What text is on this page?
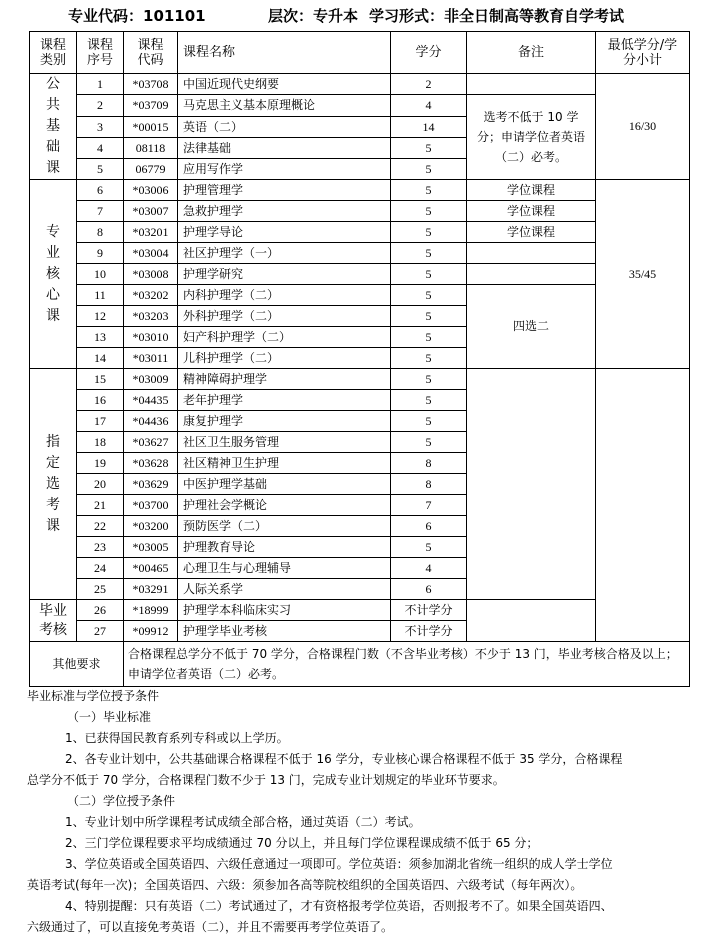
专业代码：101101	层次：专升本 学习形式：非全日制高等教育自学考试
课程类别	课程序号	课程代码	课程名称	学分	备注	最低学分/学分小计

公共基础课	1	*03708	中国近现代史纲要	2		16/30
	2	*03709	马克思主义基本原理概论	4	选考不低于 10 学分；申请学位者英语（二）必考。	
	3	*00015	英语（二）	14		
	4	08118	法律基础	5		
	5	06779	应用写作学	5		

专业核心课	6	*03006	护理管理学	5	学位课程	35/45
	7	*03007	急救护理学	5	学位课程	
	8	*03201	护理学导论	5	学位课程	
	9	*03004	社区护理学（一）	5		
	10	*03008	护理学研究	5		
	11	*03202	内科护理学（二）	5	四选二	
	12	*03203	外科护理学（二）	5		
	13	*03010	妇产科护理学（二）	5		
	14	*03011	儿科护理学（二）	5		

指定选考课	15	*03009	精神障碍护理学	5		
	16	*04435	老年护理学	5		
	17	*04436	康复护理学	5		
	18	*03627	社区卫生服务管理	5		
	19	*03628	社区精神卫生护理	8		
	20	*03629	中医护理学基础	8		
	21	*03700	护理社会学概论	7		
	22	*03200	预防医学（二）	6		
	23	*03005	护理教育导论	5		
	24	*00465	心理卫生与心理辅导	4		
	25	*03291	人际关系学	6		

毕业考核	26	*18999	护理学本科临床实习	不计学分		
	27	*09912	护理学毕业考核	不计学分		
其他要求		合格课程总学分不低于 70 学分，合格课程门数（不含毕业考核）不少于 13 门，毕业考核合格及以上；申请学位者英语（二）必考。				
毕业标准与学位授予条件
（一）毕业标准
1、已获得国民教育系列专科或以上学历。
2、各专业计划中，公共基础课合格课程不低于 16 学分，专业核心课合格课程不低于 35 学分，合格课程
总学分不低于 70 学分，合格课程门数不少于 13 门，完成专业计划规定的毕业环节要求。
（二）学位授予条件
1、专业计划中所学课程考试成绩全部合格，通过英语（二）考试。
2、三门学位课程要求平均成绩通过 70 分以上，并且每门学位课程课成绩不低于 65 分；
3、学位英语或全国英语四、六级任意通过一项即可。学位英语：须参加湖北省统一组织的成人学士学位
英语考试(每年一次)；全国英语四、六级：须参加各高等院校组织的全国英语四、六级考试（每年两次）。
4、特别提醒：只有英语（二）考试通过了，才有资格报考学位英语，否则报考不了。如果全国英语四、
六级通过了，可以直接免考英语（二），并且不需要再考学位英语了。
